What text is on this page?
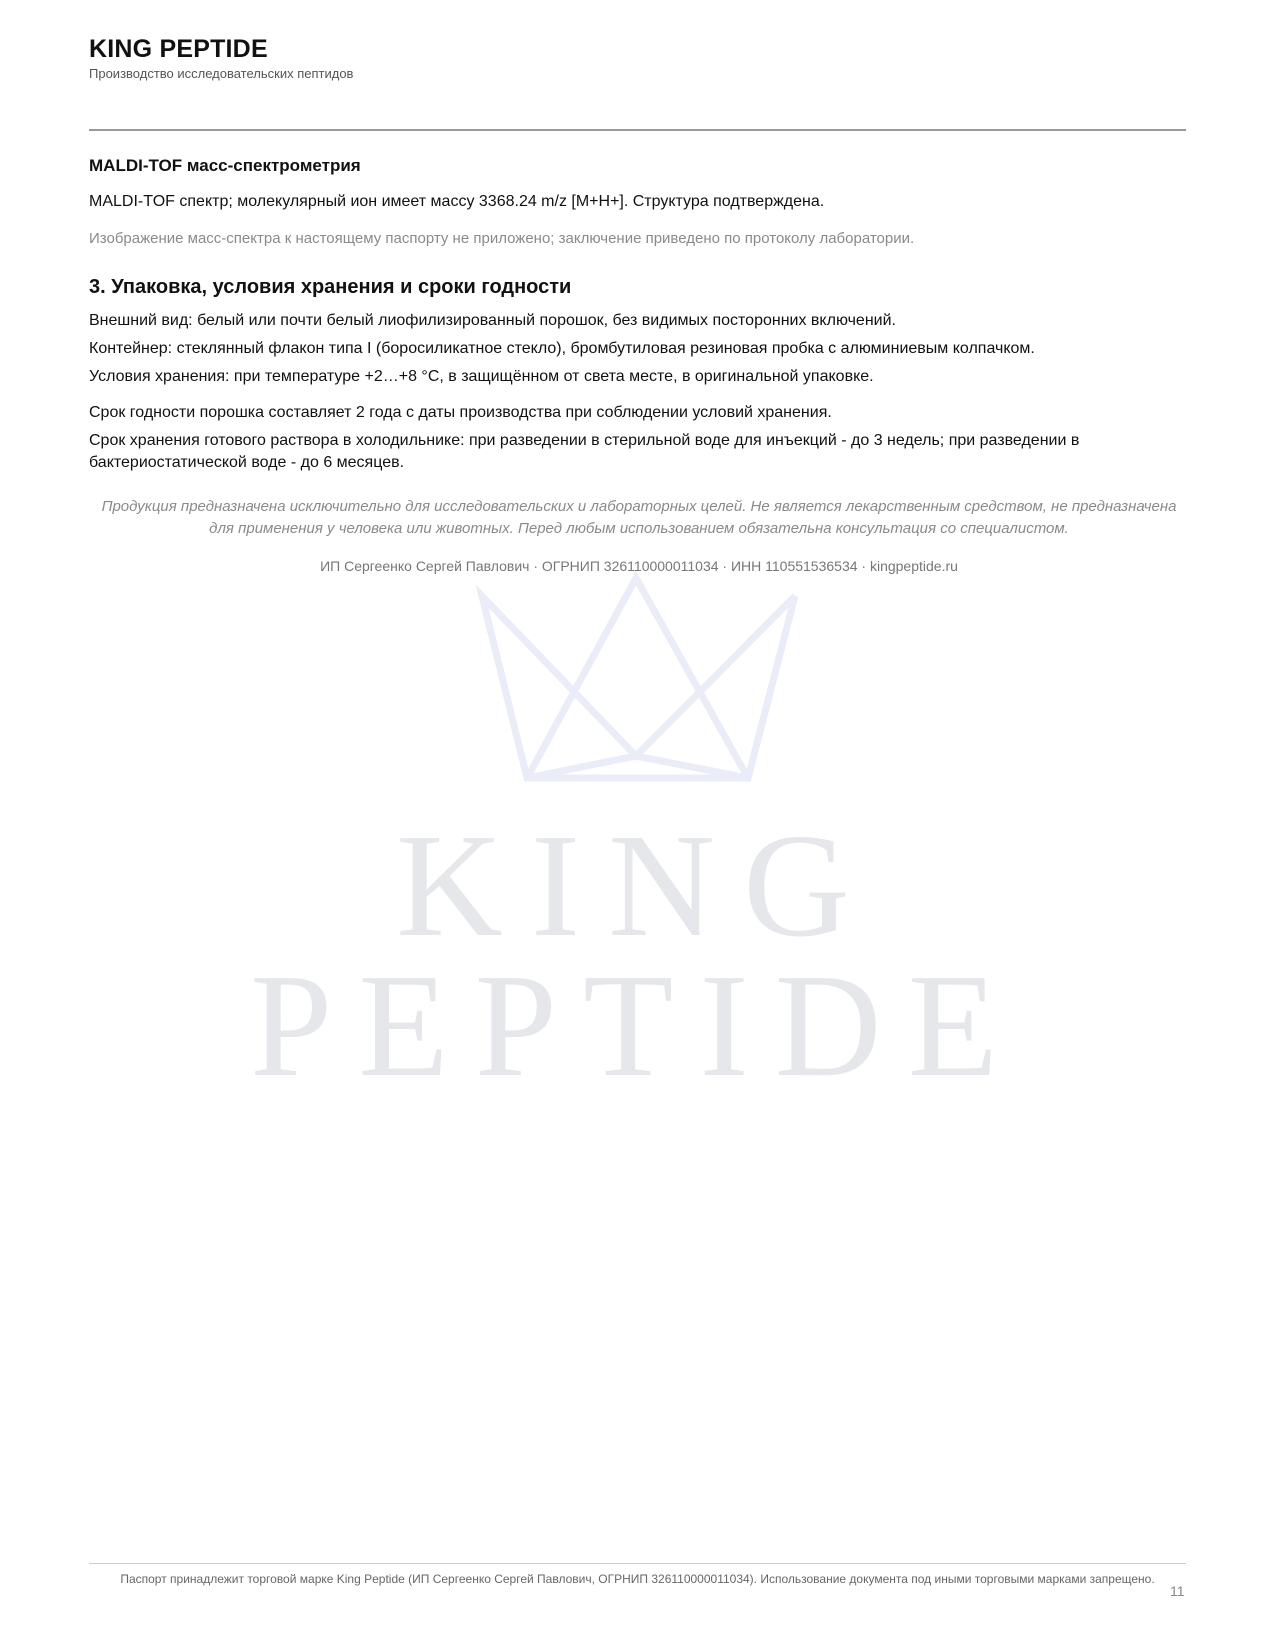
KING
PEPTIDE
KING PEPTIDE
Производство исследовательских пептидов

MALDI-TOF масс-спектрометрия

MALDI-TOF спектр; молекулярный ион имеет массу 3368.24 m/z [M+H+]. Структура подтверждена.

Изображение масс-спектра к настоящему паспорту не приложено; заключение приведено по протоколу лаборатории.

3. Упаковка, условия хранения и сроки годности

Внешний вид: белый или почти белый лиофилизированный порошок, без видимых посторонних включений.

Контейнер: стеклянный флакон типа I (боросиликатное стекло), бромбутиловая резиновая пробка с алюминиевым колпачком.

Условия хранения: при температуре +2…+8 °C, в защищённом от света месте, в оригинальной упаковке.

Срок годности порошка составляет 2 года с даты производства при соблюдении условий хранения.

Срок хранения готового раствора в холодильнике: при разведении в стерильной воде для инъекций - до 3 недель; при разведении в бактериостатической воде - до 6 месяцев.

Продукция предназначена исключительно для исследовательских и лабораторных целей. Не является лекарственным средством, не предназначена для применения у человека или животных. Перед любым использованием обязательна консультация со специалистом.

ИП Сергеенко Сергей Павлович · ОГРНИП 326110000011034 · ИНН 110551536534 · kingpeptide.ru

Паспорт принадлежит торговой марке King Peptide (ИП Сергеенко Сергей Павлович, ОГРНИП 326110000011034). Использование документа под иными торговыми марками запрещено.
11
